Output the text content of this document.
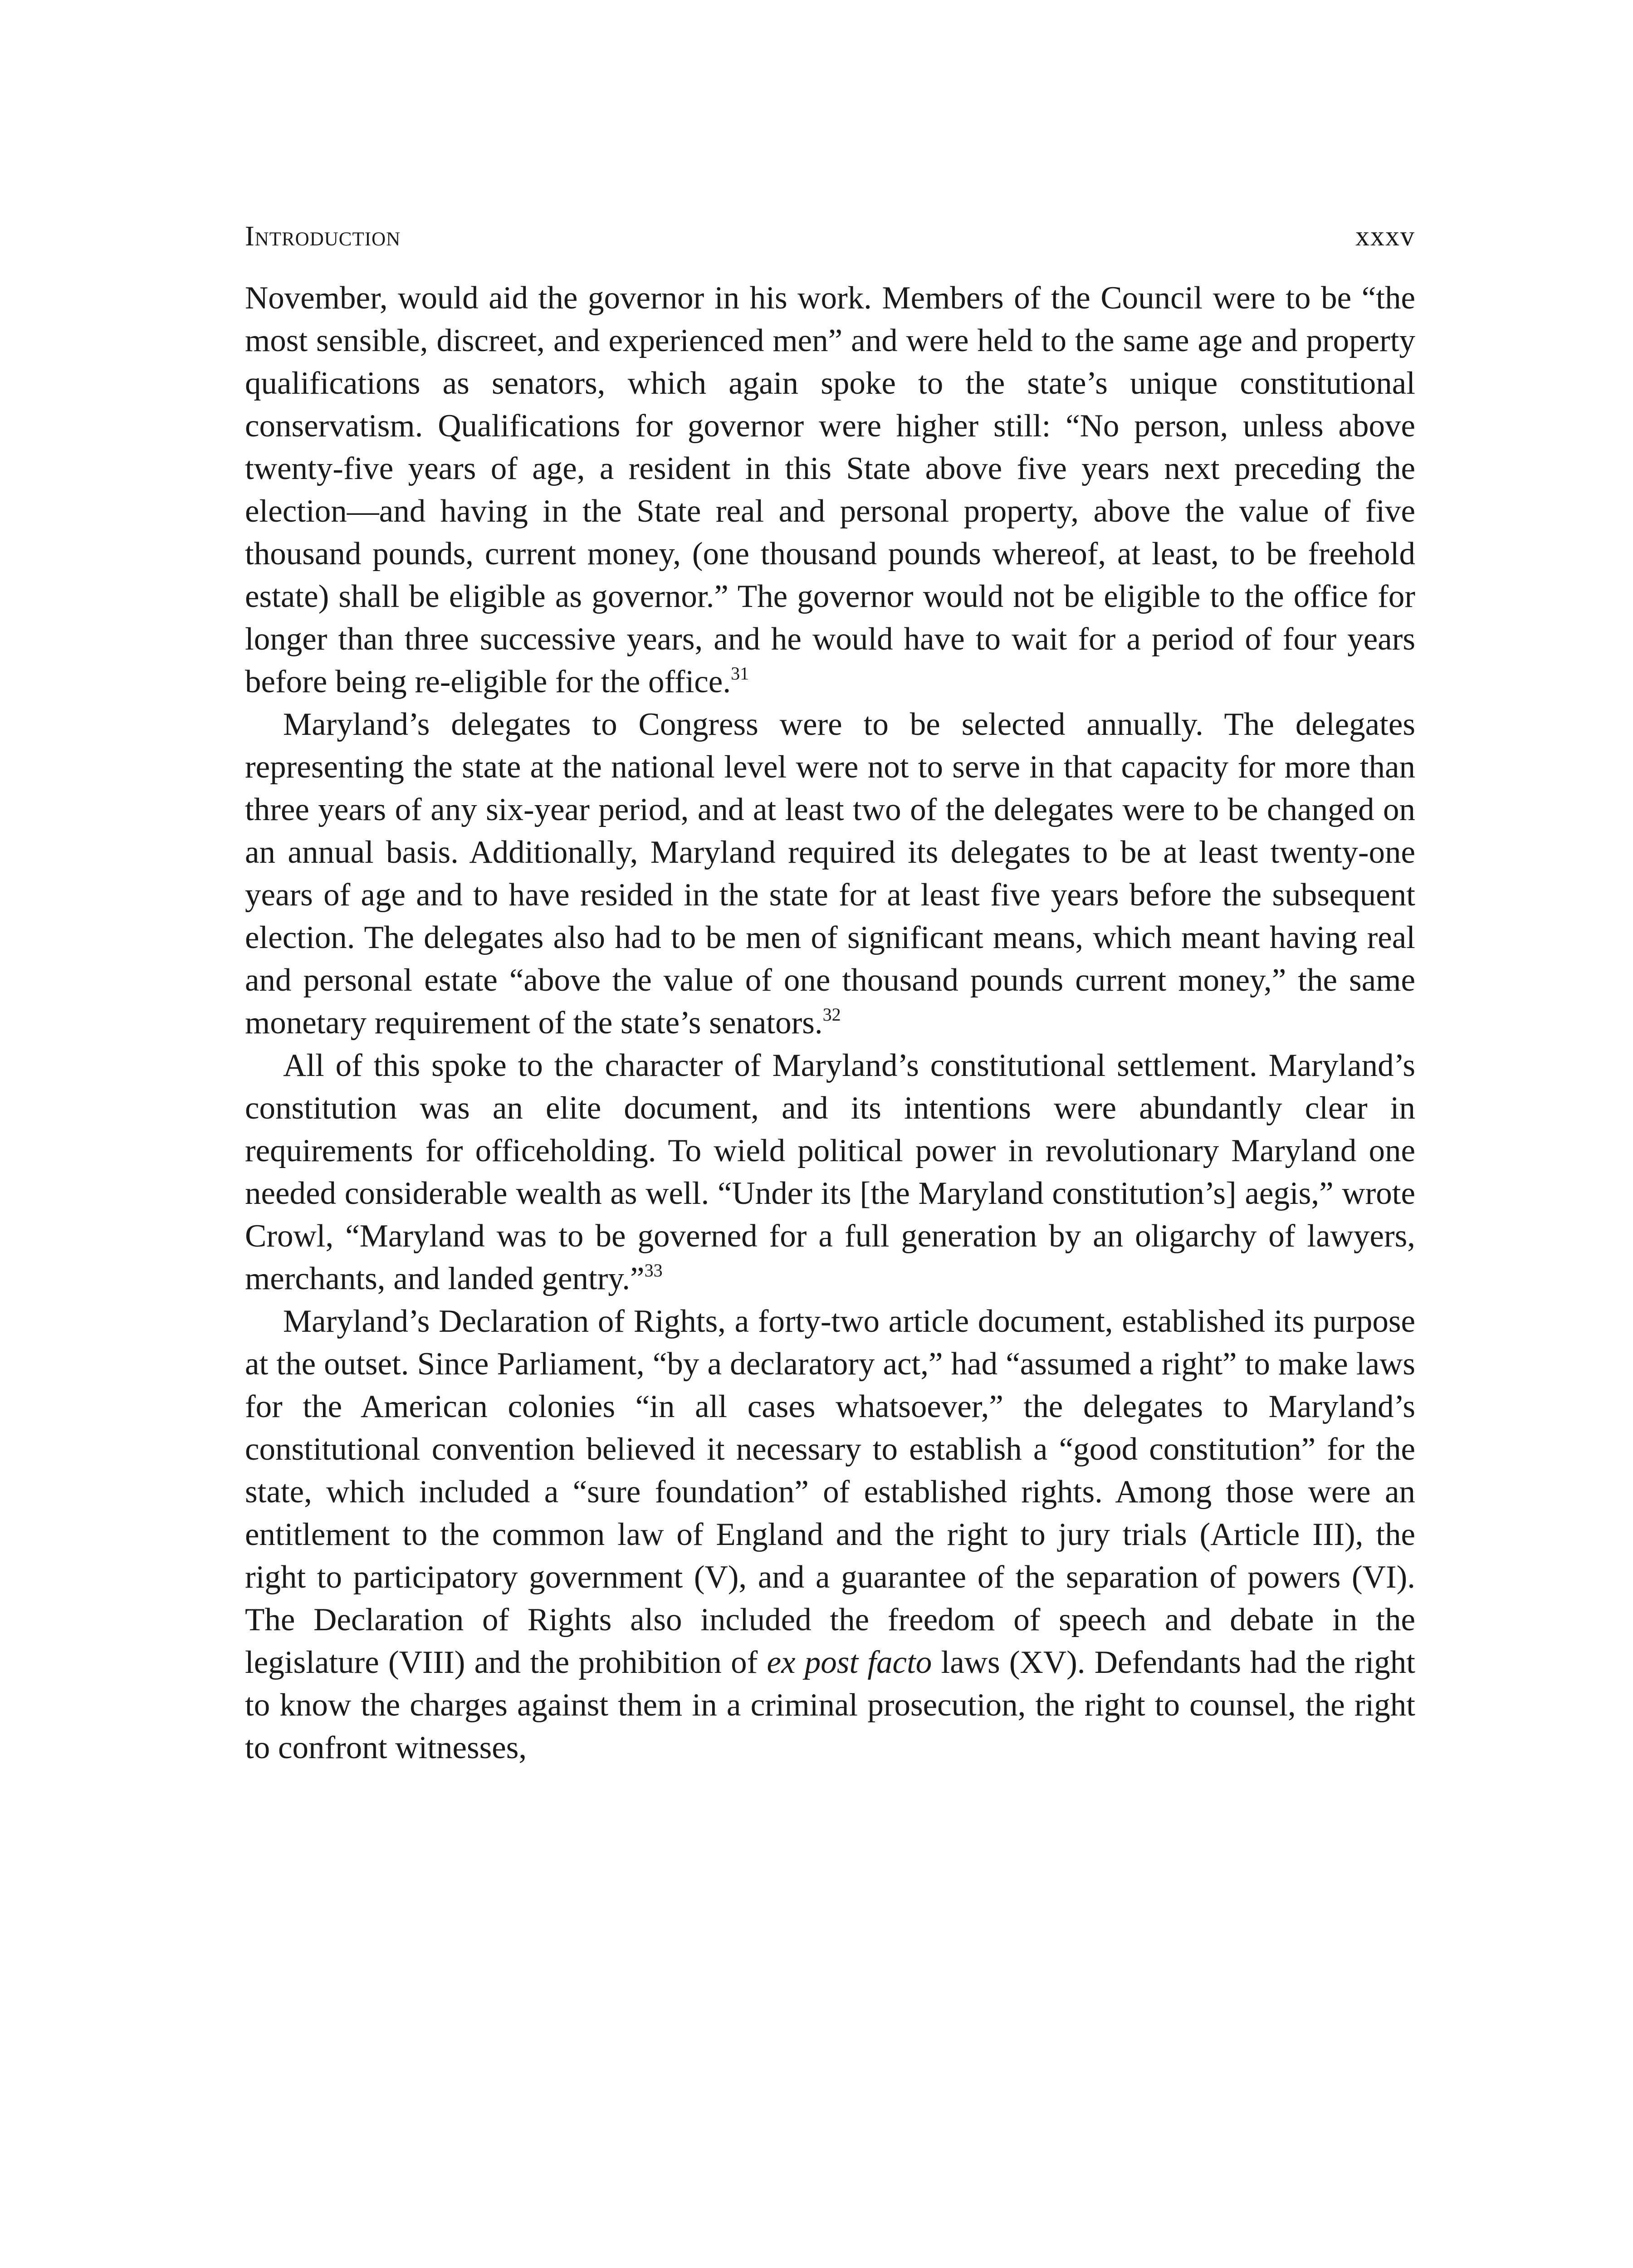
Introduction	xxxv

November, would aid the governor in his work. Members of the Council were to be “the most sensible, discreet, and experienced men” and were held to the same age and property qualifications as senators, which again spoke to the state’s unique constitutional conservatism. Qualifications for governor were higher still: “No person, unless above twenty-five years of age, a resident in this State above five years next preceding the election—and having in the State real and personal property, above the value of five thousand pounds, current money, (one thousand pounds whereof, at least, to be freehold estate) shall be eligible as governor.” The governor would not be eligible to the office for longer than three successive years, and he would have to wait for a period of four years before being re-eligible for the office.$^{31}$

Maryland’s delegates to Congress were to be selected annually. The delegates representing the state at the national level were not to serve in that capacity for more than three years of any six-year period, and at least two of the delegates were to be changed on an annual basis. Additionally, Maryland required its delegates to be at least twenty-one years of age and to have resided in the state for at least five years before the subsequent election. The delegates also had to be men of significant means, which meant having real and personal estate “above the value of one thousand pounds current money,” the same monetary requirement of the state’s senators.$^{32}$

All of this spoke to the character of Maryland’s constitutional settlement. Maryland’s constitution was an elite document, and its intentions were abundantly clear in requirements for officeholding. To wield political power in revolutionary Maryland one needed considerable wealth as well. “Under its [the Maryland constitution’s] aegis,” wrote Crowl, “Maryland was to be governed for a full generation by an oligarchy of lawyers, merchants, and landed gentry.”$^{33}$

Maryland’s Declaration of Rights, a forty-two article document, established its purpose at the outset. Since Parliament, “by a declaratory act,” had “assumed a right” to make laws for the American colonies “in all cases whatsoever,” the delegates to Maryland’s constitutional convention believed it necessary to establish a “good constitution” for the state, which included a “sure foundation” of established rights. Among those were an entitlement to the common law of England and the right to jury trials (Article III), the right to participatory government (V), and a guarantee of the separation of powers (VI). The Declaration of Rights also included the freedom of speech and debate in the legislature (VIII) and the prohibition of ex post facto laws (XV). Defendants had the right to know the charges against them in a criminal prosecution, the right to counsel, the right to confront witnesses,
